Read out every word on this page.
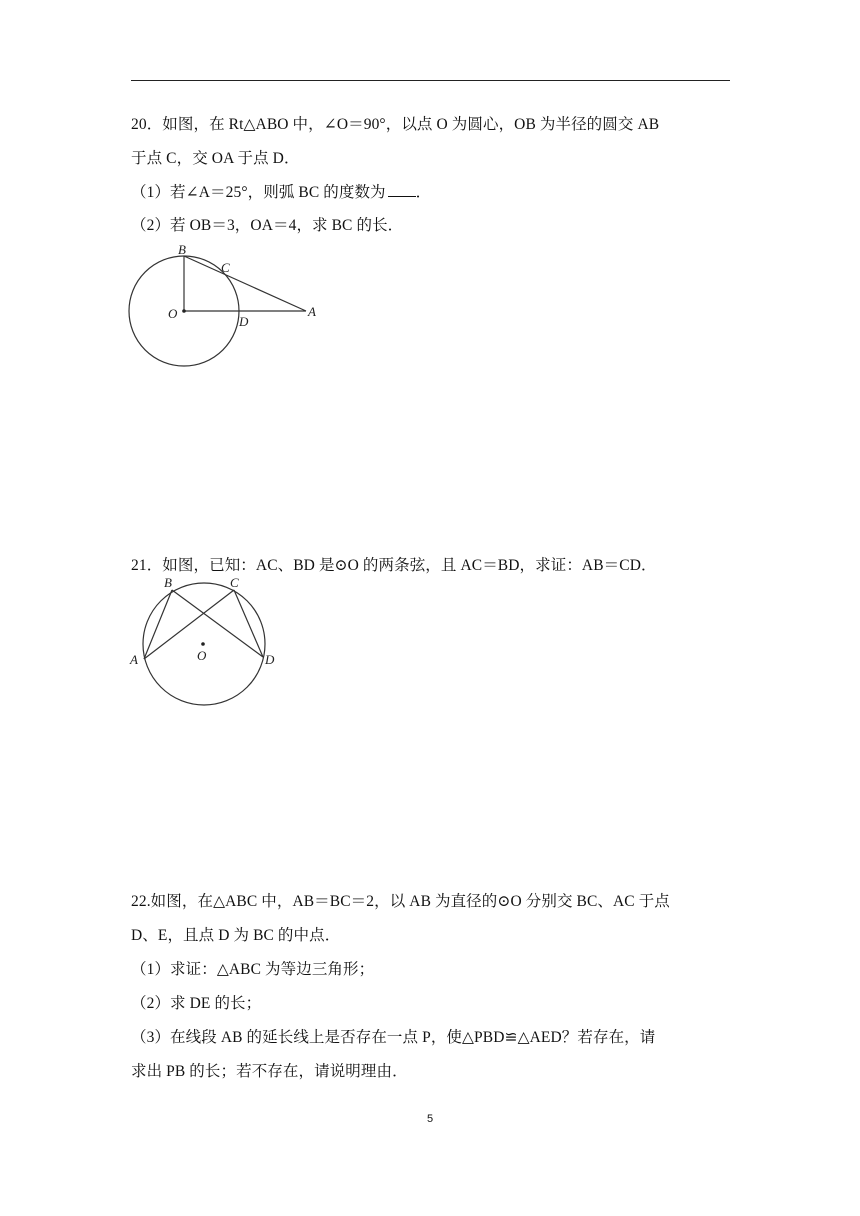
20．如图，在 Rt△ABO 中，∠O＝90°，以点 O 为圆心，OB 为半径的圆交 AB
于点 C，交 OA 于点 D．
（1）若∠A＝25°，则弧 BC 的度数为 ．
（2）若 OB＝3，OA＝4，求 BC 的长．
B
C
O
D
A
21．如图，已知：AC、BD 是⊙O 的两条弦，且 AC＝BD，求证：AB＝CD．
B	C
A	D
O
22.如图，在△ABC 中，AB＝BC＝2，以 AB 为直径的⊙O 分别交 BC、AC 于点
D、E，且点 D 为 BC 的中点．
（1）求证：△ABC 为等边三角形；
（2）求 DE 的长；
（3）在线段 AB 的延长线上是否存在一点 P，使△PBD≌△AED？若存在，请
求出 PB 的长；若不存在，请说明理由．
5
